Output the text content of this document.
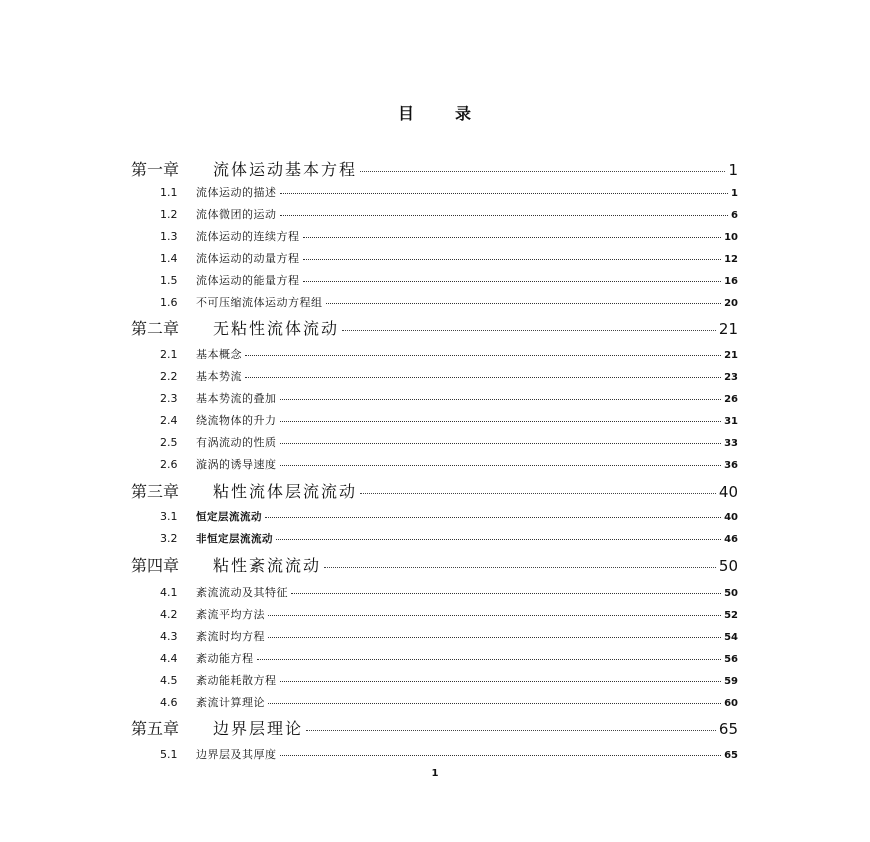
目	录
第一章	流体运动基本方程	1
1.1	流体运动的描述	1
1.2	流体微团的运动	6
1.3	流体运动的连续方程	10
1.4	流体运动的动量方程	12
1.5	流体运动的能量方程	16
1.6	不可压缩流体运动方程组	20
第二章	无粘性流体流动	21
2.1	基本概念	21
2.2	基本势流	23
2.3	基本势流的叠加	26
2.4	绕流物体的升力	31
2.5	有涡流动的性质	33
2.6	漩涡的诱导速度	36
第三章	粘性流体层流流动	40
3.1	恒定层流流动	40
3.2	非恒定层流流动	46
第四章	粘性紊流流动	50
4.1	紊流流动及其特征	50
4.2	紊流平均方法	52
4.3	紊流时均方程	54
4.4	紊动能方程	56
4.5	紊动能耗散方程	59
4.6	紊流计算理论	60
第五章	边界层理论	65
5.1	边界层及其厚度	65
1
